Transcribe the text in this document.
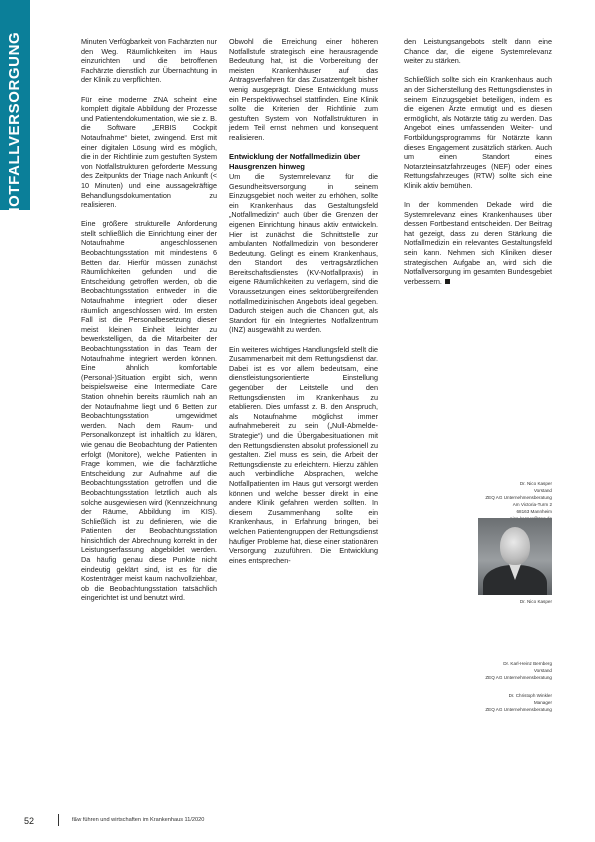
NOTFALLVERSORGUNG	Minuten Verfügbarkeit von Fachärzten nur den Weg. Räumlichkeiten im Haus einzurichten und die betroffenen Fachärzte dienstlich zur Übernachtung in der Klinik zu verpflichten.

Für eine moderne ZNA scheint eine komplett digitale Abbildung der Prozesse und Patientendokumentation, wie sie z. B. die Software „ERBIS Cockpit Notaufnahme“ bietet, zwingend. Erst mit einer digitalen Lösung wird es möglich, die in der Richtlinie zum gestuften System von Notfallstrukturen geforderte Messung des Zeitpunkts der Triage nach Ankunft (< 10 Minuten) und eine aussagekräftige Behandlungsdokumentation zu realisieren.

Eine größere strukturelle Anforderung stellt schließlich die Einrichtung einer der Notaufnahme angeschlossenen Beobachtungsstation mit mindestens 6 Betten dar. Hierfür müssen zunächst Räumlichkeiten gefunden und die Entscheidung getroffen werden, ob die Beobachtungsstation entweder in die Notaufnahme integriert oder dieser räumlich angeschlossen wird. Im ersten Fall ist die Personalbesetzung dieser meist kleinen Einheit leichter zu bewerkstelligen, da die Mitarbeiter der Beobachtungsstation in das Team der Notaufnahme integriert werden können. Eine ähnlich komfortable (Personal-)Situation ergibt sich, wenn beispielsweise eine Intermediate Care Station ohnehin bereits räumlich nah an der Notaufnahme liegt und 6 Betten zur Beobachtungsstation umgewidmet werden. Nach dem Raum- und Personalkonzept ist inhaltlich zu klären, wie genau die Beobachtung der Patienten erfolgt (Monitore), welche Patienten in Frage kommen, wie die fachärztliche Entscheidung zur Aufnahme auf die Beobachtungsstation getroffen und die Beobachtungsstation letztlich auch als solche ausgewiesen wird (Kennzeichnung der Räume, Abbildung im KIS). Schließlich ist zu definieren, wie die Patienten der Beobachtungsstation hinsichtlich der Abrechnung korrekt in der Leistungserfassung abgebildet werden. Da häufig genau diese Punkte nicht eindeutig geklärt sind, ist es für die Kostenträger meist kaum nachvollziehbar, ob die Beobachtungsstation tatsächlich eingerichtet ist und benutzt wird.

Obwohl die Erreichung einer höheren Notfallstufe strategisch eine herausragende Bedeutung hat, ist die Vorbereitung der meisten Krankenhäuser auf das Antragsverfahren für das Zusatzentgelt bisher wenig ausgeprägt. Diese Entwicklung muss ein Perspektivwechsel stattfinden. Eine Klinik sollte die Kriterien der Richtlinie zum gestuften System von Notfallstrukturen in jedem Teil ernst nehmen und konsequent realisieren.

Entwicklung der Notfallmedizin über Hausgrenzen hinweg

Um die Systemrelevanz für die Gesundheitsversorgung in seinem Einzugsgebiet noch weiter zu erhöhen, sollte ein Krankenhaus das Gestaltungsfeld „Notfallmedizin“ auch über die Grenzen der eigenen Einrichtung hinaus aktiv entwickeln. Hier ist zunächst die Schnittstelle zur ambulanten Notfallmedizin von besonderer Bedeutung. Gelingt es einem Krankenhaus, den Standort des vertragsärztlichen Bereitschaftsdienstes (KV-Notfallpraxis) in eigene Räumlichkeiten zu verlagern, sind die Voraussetzungen eines sektorübergreifenden notfallmedizinischen Angebots ideal gegeben. Dadurch steigen auch die Chancen gut, als Standort für ein Integriertes Notfallzentrum (INZ) ausgewählt zu werden.

Ein weiteres wichtiges Handlungsfeld stellt die Zusammenarbeit mit dem Rettungsdienst dar. Dabei ist es vor allem bedeutsam, eine dienstleistungsorientierte Einstellung gegenüber der Leitstelle und den Rettungsdiensten im Krankenhaus zu etablieren. Dies umfasst z. B. den Anspruch, als Notaufnahme möglichst immer aufnahmebereit zu sein („Null-Abmelde-Strategie“) und die Übergabesituationen mit den Rettungsdiensten absolut professionell zu gestalten. Ziel muss es sein, die Arbeit der Rettungsdienste zu erleichtern. Hierzu zählen auch verbindliche Absprachen, welche Notfallpatienten im Haus gut versorgt werden können und welche besser direkt in eine andere Klinik gefahren werden sollten. In diesem Zusammenhang sollte ein Krankenhaus, in Erfahrung bringen, bei welchen Patientengruppen der Rettungsdienst häufiger Probleme hat, diese einer stationären Versorgung zuzuführen. Die Entwicklung eines entsprechen-

den Leistungsangebots stellt dann eine Chance dar, die eigene Systemrelevanz weiter zu stärken.

Schließlich sollte sich ein Krankenhaus auch an der Sicherstellung des Rettungsdienstes in seinem Einzugsgebiet beteiligen, indem es die eigenen Ärzte ermutigt und es diesen ermöglicht, als Notärzte tätig zu werden. Das Angebot eines umfassenden Weiter- und Fortbildungsprogramms für Notärzte kann dieses Engagement zusätzlich stärken. Auch um einen Standort eines Notarzteinsatzfahrzeuges (NEF) oder eines Rettungsfahrzeuges (RTW) sollte sich eine Klinik aktiv bemühen.

In der kommenden Dekade wird die Systemrelevanz eines Krankenhauses über dessen Fortbestand entscheiden. Der Beitrag hat gezeigt, dass zu deren Stärkung die Notfallmedizin ein relevantes Gestaltungsfeld sein kann. Nehmen sich Kliniken dieser strategischen Aufgabe an, wird sich die Notfallversorgung im gesamten Bundesgebiet verbessern.

Dr. Nico Kasper
Vorstand
ZEQ AG Unternehmensberatung
Am Victoria-Turm 2
68163 Mannheim
Dr. Nico Kasper
Dr. Karl-Heinz Bernberg
Vorstand
ZEQ AG Unternehmensberatung
Dr. Christoph Winkler
Manager
ZEQ AG Unternehmensberatung
52	f&w führen und wirtschaften im Krankenhaus 11/2020
